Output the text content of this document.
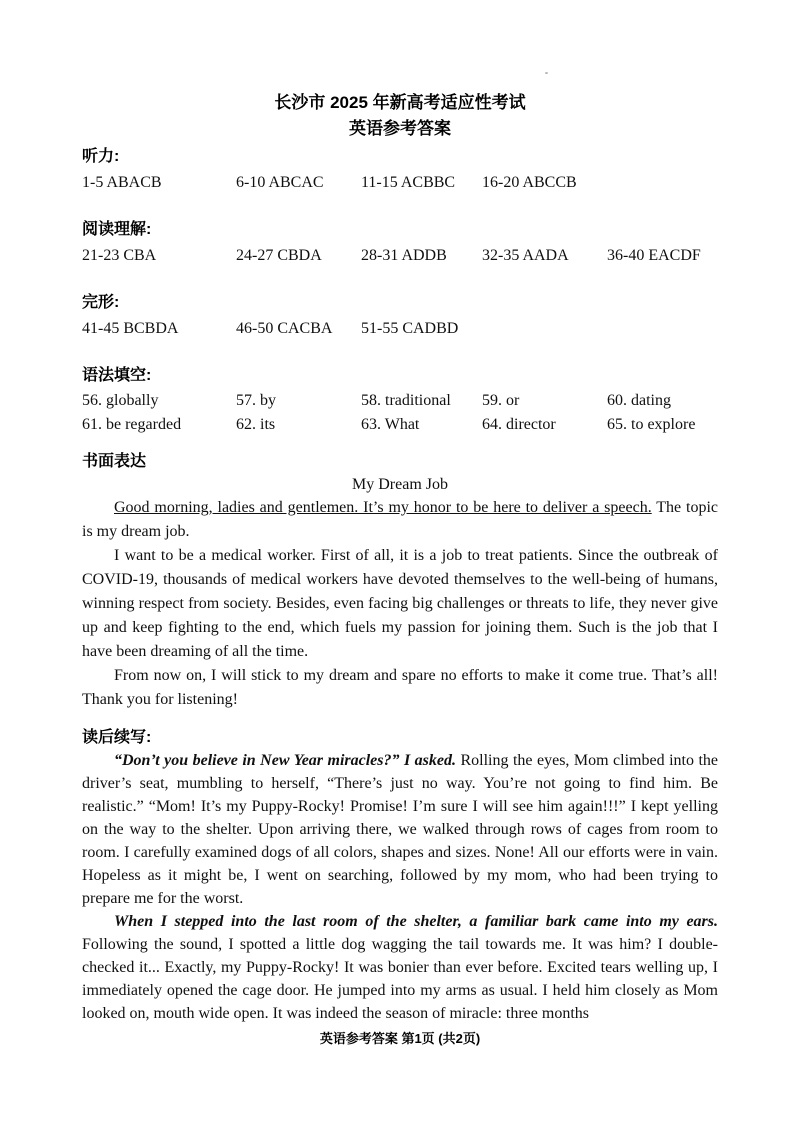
长沙市 2025 年新高考适应性考试
英语参考答案
听力:
1-5 ABACB	6-10 ABCAC	11-15 ACBBC	16-20 ABCCB
阅读理解:
21-23 CBA	24-27 CBDA	28-31 ADDB	32-35 AADA	36-40 EACDF
完形:
41-45 BCBDA	46-50 CACBA	51-55 CADBD
语法填空:
56. globally	57. by	58. traditional	59. or	60. dating
61. be regarded	62. its	63. What	64. director	65. to explore
书面表达
My Dream Job

Good morning, ladies and gentlemen. It’s my honor to be here to deliver a speech. The topic is my dream job.

I want to be a medical worker. First of all, it is a job to treat patients. Since the outbreak of COVID-19, thousands of medical workers have devoted themselves to the well-being of humans, winning respect from society. Besides, even facing big challenges or threats to life, they never give up and keep fighting to the end, which fuels my passion for joining them. Such is the job that I have been dreaming of all the time.

From now on, I will stick to my dream and spare no efforts to make it come true. That’s all! Thank you for listening!

读后续写:

“Don’t you believe in New Year miracles?” I asked. Rolling the eyes, Mom climbed into the driver’s seat, mumbling to herself, “There’s just no way. You’re not going to find him. Be realistic.” “Mom! It’s my Puppy-Rocky! Promise! I’m sure I will see him again!!!” I kept yelling on the way to the shelter. Upon arriving there, we walked through rows of cages from room to room. I carefully examined dogs of all colors, shapes and sizes. None! All our efforts were in vain. Hopeless as it might be, I went on searching, followed by my mom, who had been trying to prepare me for the worst.

When I stepped into the last room of the shelter, a familiar bark came into my ears. Following the sound, I spotted a little dog wagging the tail towards me. It was him? I double-checked it... Exactly, my Puppy-Rocky! It was bonier than ever before. Excited tears welling up, I immediately opened the cage door. He jumped into my arms as usual. I held him closely as Mom looked on, mouth wide open. It was indeed the season of miracle: three months

英语参考答案 第1页 (共2页)
